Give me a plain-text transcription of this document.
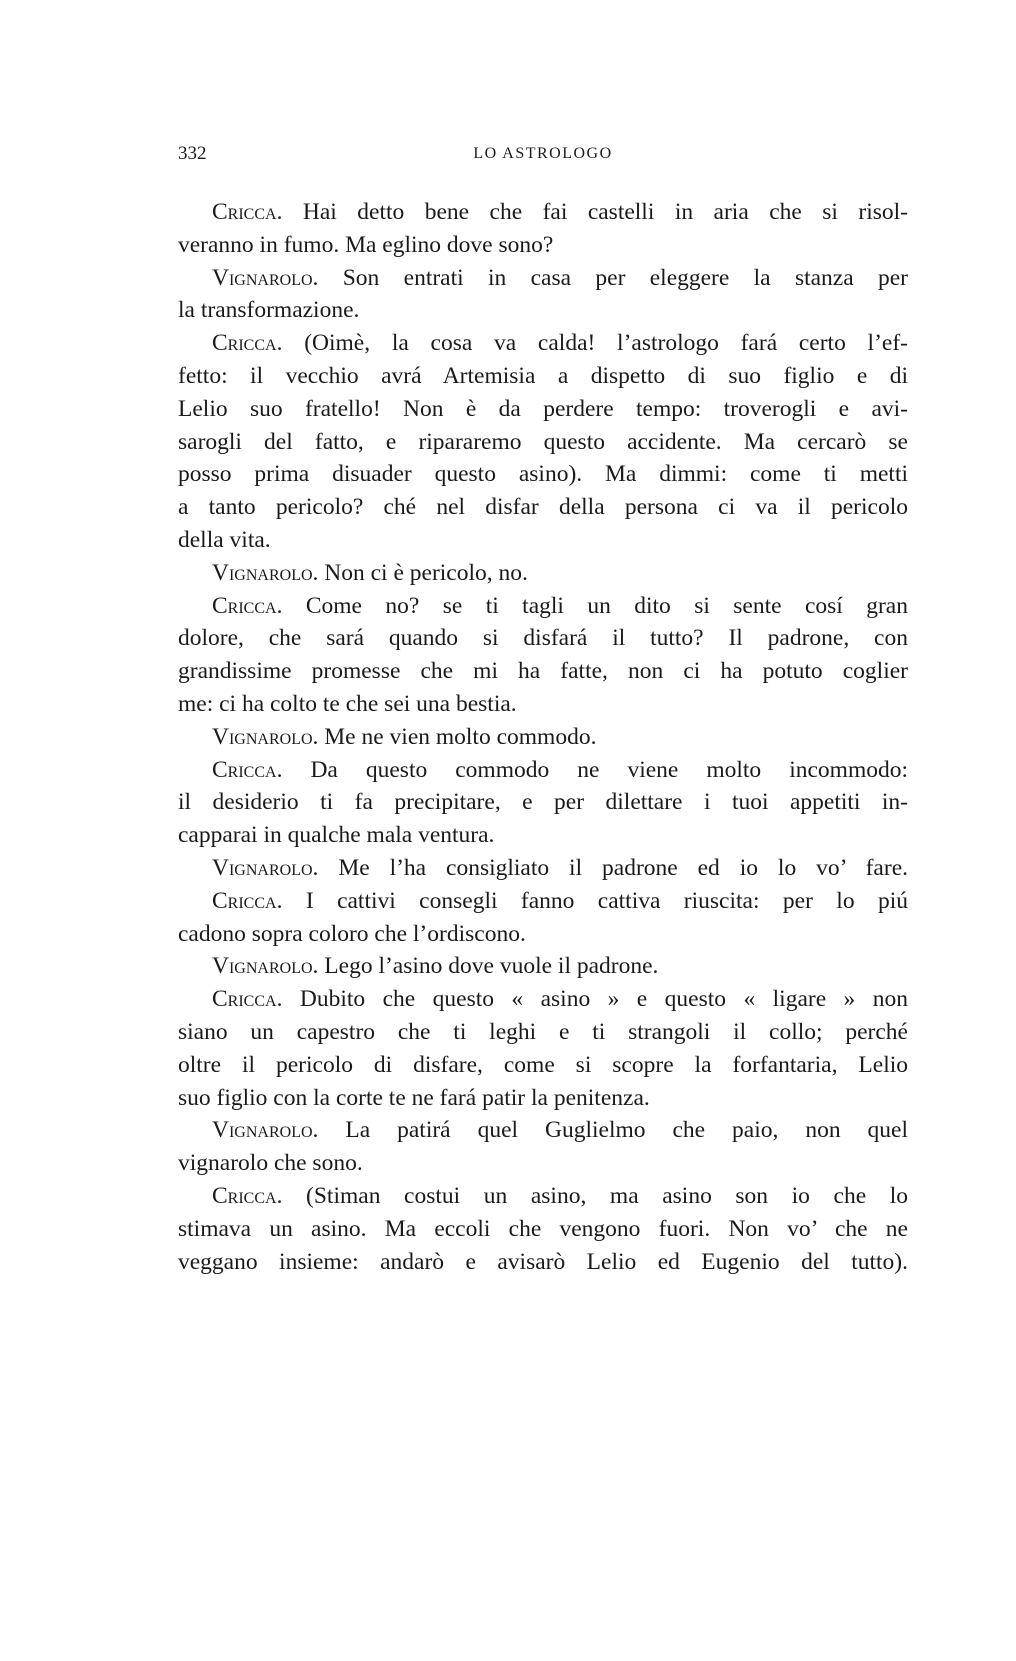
332	LO ASTROLOGO
Cricca. Hai detto bene che fai castelli in aria che si risol-
veranno in fumo. Ma eglino dove sono?
Vignarolo. Son entrati in casa per eleggere la stanza per
la transformazione.
Cricca. (Oimè, la cosa va calda! l’astrologo fará certo l’ef-
fetto: il vecchio avrá Artemisia a dispetto di suo figlio e di
Lelio suo fratello! Non è da perdere tempo: troverogli e avi-
sarogli del fatto, e ripararemo questo accidente. Ma cercarò se
posso prima disuader questo asino). Ma dimmi: come ti metti
a tanto pericolo? ché nel disfar della persona ci va il pericolo
della vita.
Vignarolo. Non ci è pericolo, no.
Cricca. Come no? se ti tagli un dito si sente cosí gran
dolore, che sará quando si disfará il tutto? Il padrone, con
grandissime promesse che mi ha fatte, non ci ha potuto coglier
me: ci ha colto te che sei una bestia.
Vignarolo. Me ne vien molto commodo.
Cricca. Da questo commodo ne viene molto incommodo:
il desiderio ti fa precipitare, e per dilettare i tuoi appetiti in-
capparai in qualche mala ventura.
Vignarolo. Me l’ha consigliato il padrone ed io lo vo’ fare.
Cricca. I cattivi consegli fanno cattiva riuscita: per lo piú
cadono sopra coloro che l’ordiscono.
Vignarolo. Lego l’asino dove vuole il padrone.
Cricca. Dubito che questo « asino » e questo « ligare » non
siano un capestro che ti leghi e ti strangoli il collo; perché
oltre il pericolo di disfare, come si scopre la forfantaria, Lelio
suo figlio con la corte te ne fará patir la penitenza.
Vignarolo. La patirá quel Guglielmo che paio, non quel
vignarolo che sono.
Cricca. (Stiman costui un asino, ma asino son io che lo
stimava un asino. Ma eccoli che vengono fuori. Non vo’ che ne
veggano insieme: andarò e avisarò Lelio ed Eugenio del tutto).
